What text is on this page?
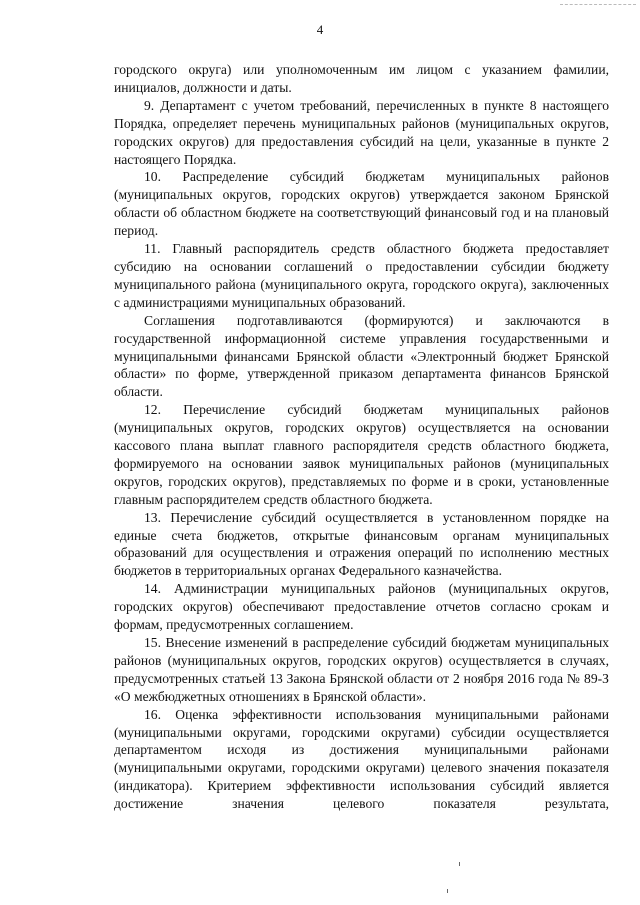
4

городского округа) или уполномоченным им лицом с указанием фамилии, инициалов, должности и даты.

9. Департамент с учетом требований, перечисленных в пункте 8 настоящего Порядка, определяет перечень муниципальных районов (муниципальных округов, городских округов) для предоставления субсидий на цели, указанные в пункте 2 настоящего Порядка.

10. Распределение субсидий бюджетам муниципальных районов (муниципальных округов, городских округов) утверждается законом Брянской области об областном бюджете на соответствующий финансовый год и на плановый период.

11. Главный распорядитель средств областного бюджета предоставляет субсидию на основании соглашений о предоставлении субсидии бюджету муниципального района (муниципального округа, городского округа), заключенных с администрациями муниципальных образований.

Соглашения подготавливаются (формируются) и заключаются в государственной информационной системе управления государственными и муниципальными финансами Брянской области «Электронный бюджет Брянской области» по форме, утвержденной приказом департамента финансов Брянской области.

12. Перечисление субсидий бюджетам муниципальных районов (муниципальных округов, городских округов) осуществляется на основании кассового плана выплат главного распорядителя средств областного бюджета, формируемого на основании заявок муниципальных районов (муниципальных округов, городских округов), представляемых по форме и в сроки, установленные главным распорядителем средств областного бюджета.

13. Перечисление субсидий осуществляется в установленном порядке на единые счета бюджетов, открытые финансовым органам муниципальных образований для осуществления и отражения операций по исполнению местных бюджетов в территориальных органах Федерального казначейства.

14. Администрации муниципальных районов (муниципальных округов, городских округов) обеспечивают предоставление отчетов согласно срокам и формам, предусмотренных соглашением.

15. Внесение изменений в распределение субсидий бюджетам муниципальных районов (муниципальных округов, городских округов) осуществляется в случаях, предусмотренных статьей 13 Закона Брянской области от 2 ноября 2016 года № 89-З «О межбюджетных отношениях в Брянской области».

16. Оценка эффективности использования муниципальными районами (муниципальными округами, городскими округами) субсидии осуществляется департаментом исходя из достижения муниципальными районами (муниципальными округами, городскими округами) целевого значения показателя (индикатора). Критерием эффективности использования субсидий является достижение значения целевого показателя результата,
